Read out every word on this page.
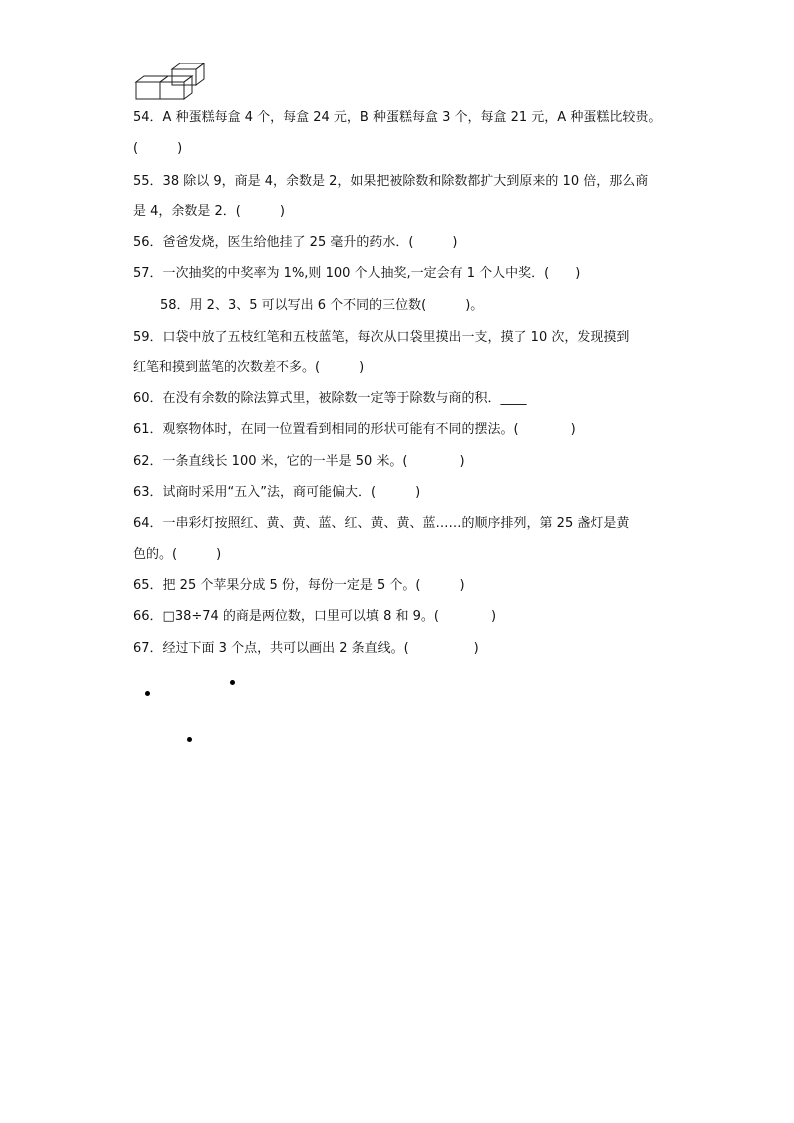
54．A 种蛋糕每盒 4 个，每盒 24 元，B 种蛋糕每盒 3 个，每盒 21 元，A 种蛋糕比较贵。
(　　　)
55．38 除以 9，商是 4，余数是 2，如果把被除数和除数都扩大到原来的 10 倍，那么商
是 4，余数是 2．(　　　)
56．爸爸发烧，医生给他挂了 25 毫升的药水．(　　　)
57．一次抽奖的中奖率为 1%,则 100 个人抽奖,一定会有 1 个人中奖．(　　)
58．用 2、3、5 可以写出 6 个不同的三位数(　　　)。
59．口袋中放了五枝红笔和五枝蓝笔，每次从口袋里摸出一支，摸了 10 次，发现摸到
红笔和摸到蓝笔的次数差不多。(　　　)
60．在没有余数的除法算式里，被除数一定等于除数与商的积．____
61．观察物体时，在同一位置看到相同的形状可能有不同的摆法。(　　　　)
62．一条直线长 100 米，它的一半是 50 米。(　　　　)
63．试商时采用“五入”法，商可能偏大．(　　　)
64．一串彩灯按照红、黄、黄、蓝、红、黄、黄、蓝……的顺序排列，第 25 盏灯是黄
色的。(　　　)
65．把 25 个苹果分成 5 份，每份一定是 5 个。(　　　)
66．□38÷74 的商是两位数，口里可以填 8 和 9。(　　　　)
67．经过下面 3 个点，共可以画出 2 条直线。(　　　　　)
